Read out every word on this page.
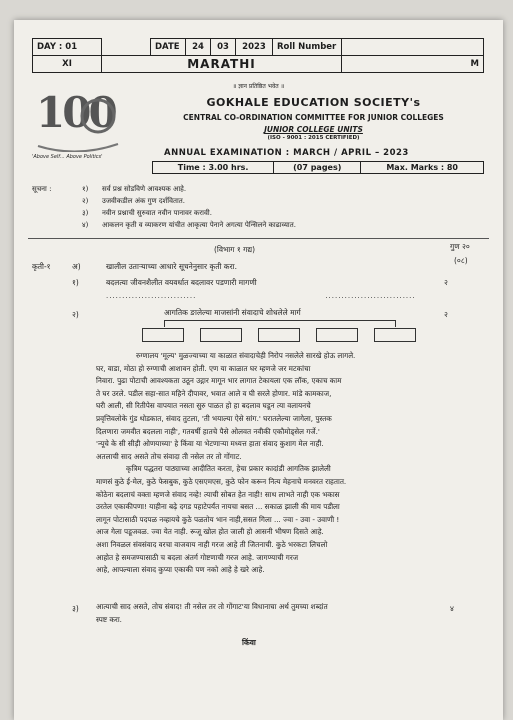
DAY : 01		DATE	24	03	2023	Roll Number	
XI	MARATHI						M
॥ ज्ञान प्रतिष्ठित भवेत ॥
100
'Above Self... Above Politics'
GOKHALE EDUCATION SOCIETY's
CENTRAL CO-ORDINATION COMMITTEE FOR JUNIOR COLLEGES
JUNIOR COLLEGE UNITS
(ISO - 9001 : 2015 CERTIFIED)
ANNUAL EXAMINATION : MARCH / APRIL – 2023
Time : 3.00 hrs.	(07 pages)	Max. Marks : 80
सूचना :	१)	सर्व प्रश्न सोडविणे आवश्यक आहे.
२)	उजवीकडील अंक गुण दर्शवितात.
३)	नवीन प्रश्नाची सुरुवात नवीन पानावर करावी.
४)	आकलन कृती व व्याकरण यांचीत आकृत्या पेनाने अगत्या पेन्सिलने काढाव्यात.
(विभाग १ गद्य)	गुण २०
(०८)
कृती-१	अ)	खालील उताऱ्याच्या आधारे सूचनेनुसार कृती करा.
१)	बदलत्या जीवनशैलीत वयवर्धात बदलावर पडणारी मागणी	२
............................                                        ............................
२)	आगतिक ङालेल्या माजसांनी संवादाचे शोधलेले मार्ग	२
रुग्णालय 'मूल्य' मुळज्याच्या या काळात संवादाचेही निरोप नसलेले सारखे होऊ लागले.
घर, वाडा, मोठा हो रुग्णाची आशावन होती. एण या काळात घर म्हणजे जर मटकांचा
निवारा. पुढा पोटाची आवश्यकता उठून उद्गार मागून भार लागात टेकायला एक लॉक, एकाच काम
ते घर उरले. पडील सहा-सात महिने दीपावर, भवात आले व घी सरले होणार. मांडे कामकाज,
घरी आली, सी रितीपेस वापयात नसता सुरु पाळत हो हा बदलाव घडून त्या वलायनचे
प्रवृत्तिवलोके गुंड थोडकात, संवाद तुटला, 'ती भयाल्या ऐसे सांग.' घरातलेल्या जागेला, पुस्तक
दिलणारा जमवीत बदलला नाही', गतवर्षी हातचे पैसे ओलवत नवीकी एकौमोड्सेल गर्जे.'
'न्यूचे के सी सीड़ी ओणयाच्या' हे किंवा या भेटणाऱ्या मध्यत्त हाता संवाद कुशाग मेल नाही.
अतलाची साद असते तोच संवादा ती नसेल तर तो गोंगाट.
कृत्रिम पद्धतरा पाठ्याच्या आदीतित करता, हेचा प्रकार कादांडी आगतिक झालेली
माणसं कुठे ई-मेल, कुठे फेसबुक, कुठे एसएमएस, कुठे फोन करून नित्य मेहनाचे मनवरत राहतात.
कोठेना बदलाचं वक्ता म्हणजे संवाद नव्हे! त्याची सोबत हेत नाही! साथ लाभते नाही एक भकास
उरतेल एकाकीपणा! याहीना बढ़े दगड पहाटेपर्यंत नायचा बसत ... सकाळ झाली की माय पडीला
लागून पोटासाठी पदपळ नव्हायचे कुठे पळतोय भान नाही,ससत गिला ... ज्वा - उवा - उवाणी !
आज गेला पडूजवळ. ज्वा येत नाही. रूजू खोल होत जाली हो आसनी भीषण दिसते आहे.
अशा निवळल संवसंवाद वरचा वाजवाय नाही गरज आहे ती जितनाची. कुठे भरकटा लिचलो
आहोत हे समजण्यासाठी च बदला अंतर्ग गोष्टणाची गरज आहे. जागण्याची गरज
आहे, आपल्याला संवाद कुप्या एकाकी पण नको आहे हे खरे आहे.
३) आत्याची साद असते, तोच संवाद! ती नसेल तर तो गोंगाट'या विधानाचा अर्थ तुमच्या शब्दांत
स्पष्ट करा.
४
किंवा
